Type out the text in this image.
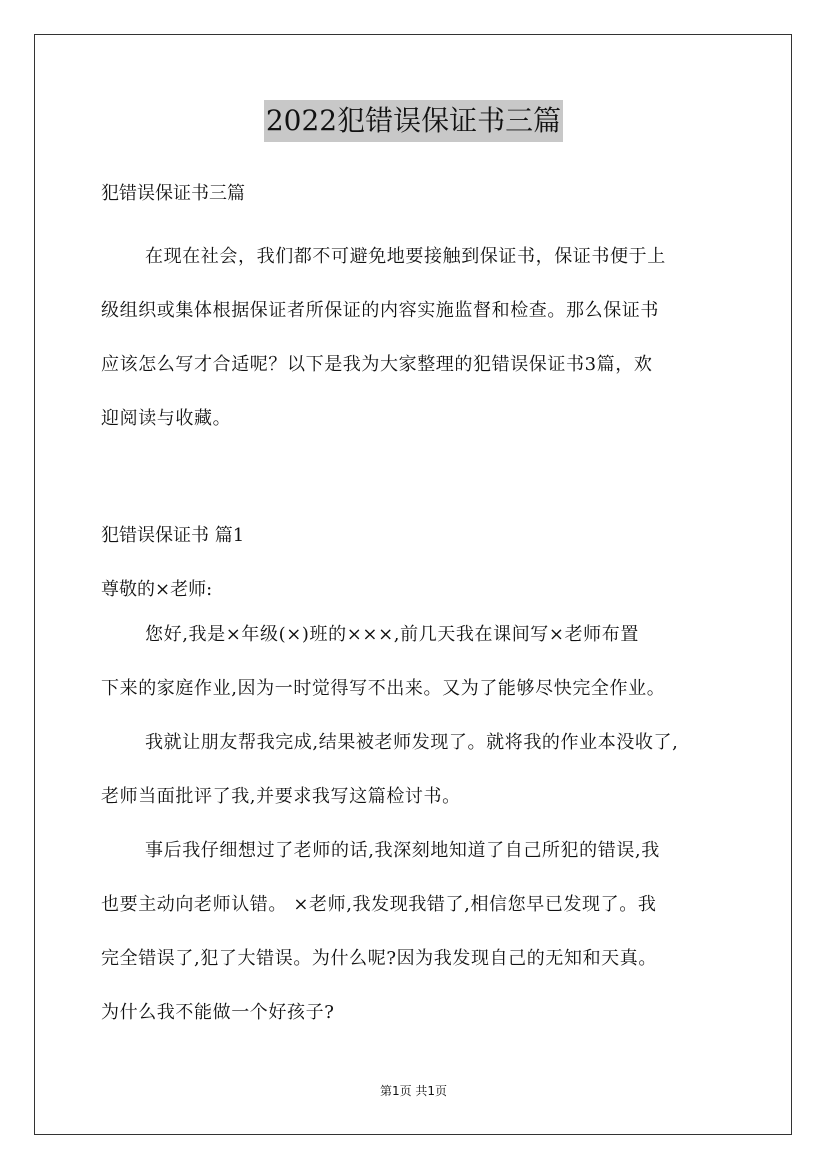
2022犯错误保证书三篇

犯错误保证书三篇

在现在社会，我们都不可避免地要接触到保证书，保证书便于上

级组织或集体根据保证者所保证的内容实施监督和检查。那么保证书

应该怎么写才合适呢？以下是我为大家整理的犯错误保证书3篇，欢

迎阅读与收藏。

犯错误保证书 篇1

尊敬的×老师:

您好,我是×年级(×)班的×××,前几天我在课间写×老师布置

下来的家庭作业,因为一时觉得写不出来。又为了能够尽快完全作业。

我就让朋友帮我完成,结果被老师发现了。就将我的作业本没收了,

老师当面批评了我,并要求我写这篇检讨书。

事后我仔细想过了老师的话,我深刻地知道了自己所犯的错误,我

也要主动向老师认错。 ×老师,我发现我错了,相信您早已发现了。我

完全错误了,犯了大错误。为什么呢?因为我发现自己的无知和天真。

为什么我不能做一个好孩子?

第1页 共1页
